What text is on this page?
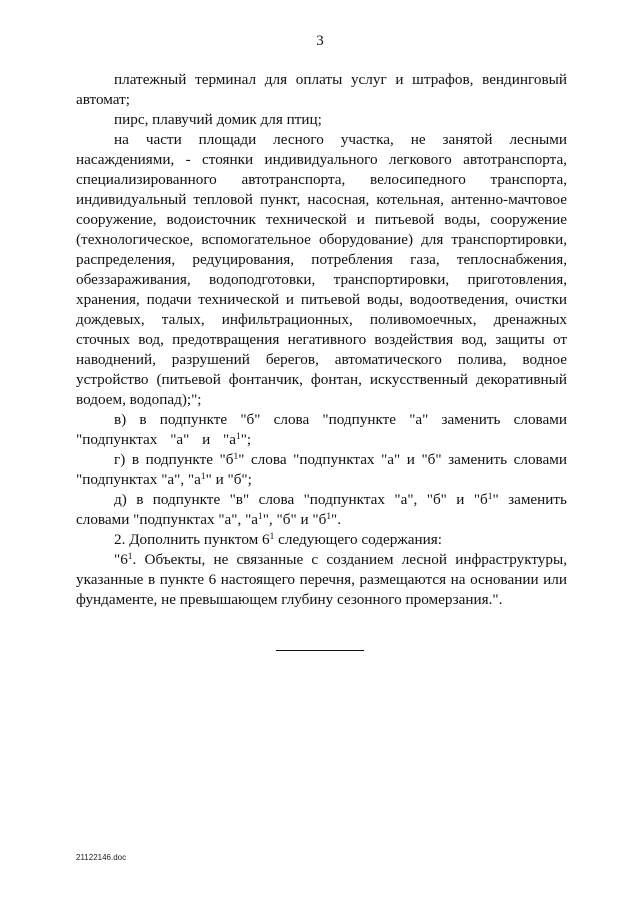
3

платежный терминал для оплаты услуг и штрафов, вендинговый автомат;

пирс, плавучий домик для птиц;

на части площади лесного участка, не занятой лесными насаждениями, - стоянки индивидуального легкового автотранспорта, специализированного автотранспорта, велосипедного транспорта, индивидуальный тепловой пункт, насосная, котельная, антенно-мачтовое сооружение, водоисточник технической и питьевой воды, сооружение (технологическое, вспомогательное оборудование) для транспортировки, распределения, редуцирования, потребления газа, теплоснабжения, обеззараживания, водоподготовки, транспортировки, приготовления, хранения, подачи технической и питьевой воды, водоотведения, очистки дождевых, талых, инфильтрационных, поливомоечных, дренажных сточных вод, предотвращения негативного воздействия вод, защиты от наводнений, разрушений берегов, автоматического полива, водное устройство (питьевой фонтанчик, фонтан, искусственный декоративный водоем, водопад);";

в) в подпункте "б" слова "подпункте "а" заменить словами "подпунктах "а" и "$а^1$";

г) в подпункте "$б^1$" слова "подпунктах "а" и "б" заменить словами "подпунктах "а", "$а^1$" и "б";

д) в подпункте "в" слова "подпунктах "а", "б" и "$б^1$" заменить словами "подпунктах "а", "$а^1$", "б" и "$б^1$".

2. Дополнить пунктом $6^1$ следующего содержания:

"$6^1$. Объекты, не связанные с созданием лесной инфраструктуры, указанные в пункте 6 настоящего перечня, размещаются на основании или фундаменте, не превышающем глубину сезонного промерзания.".

21122146.doc
